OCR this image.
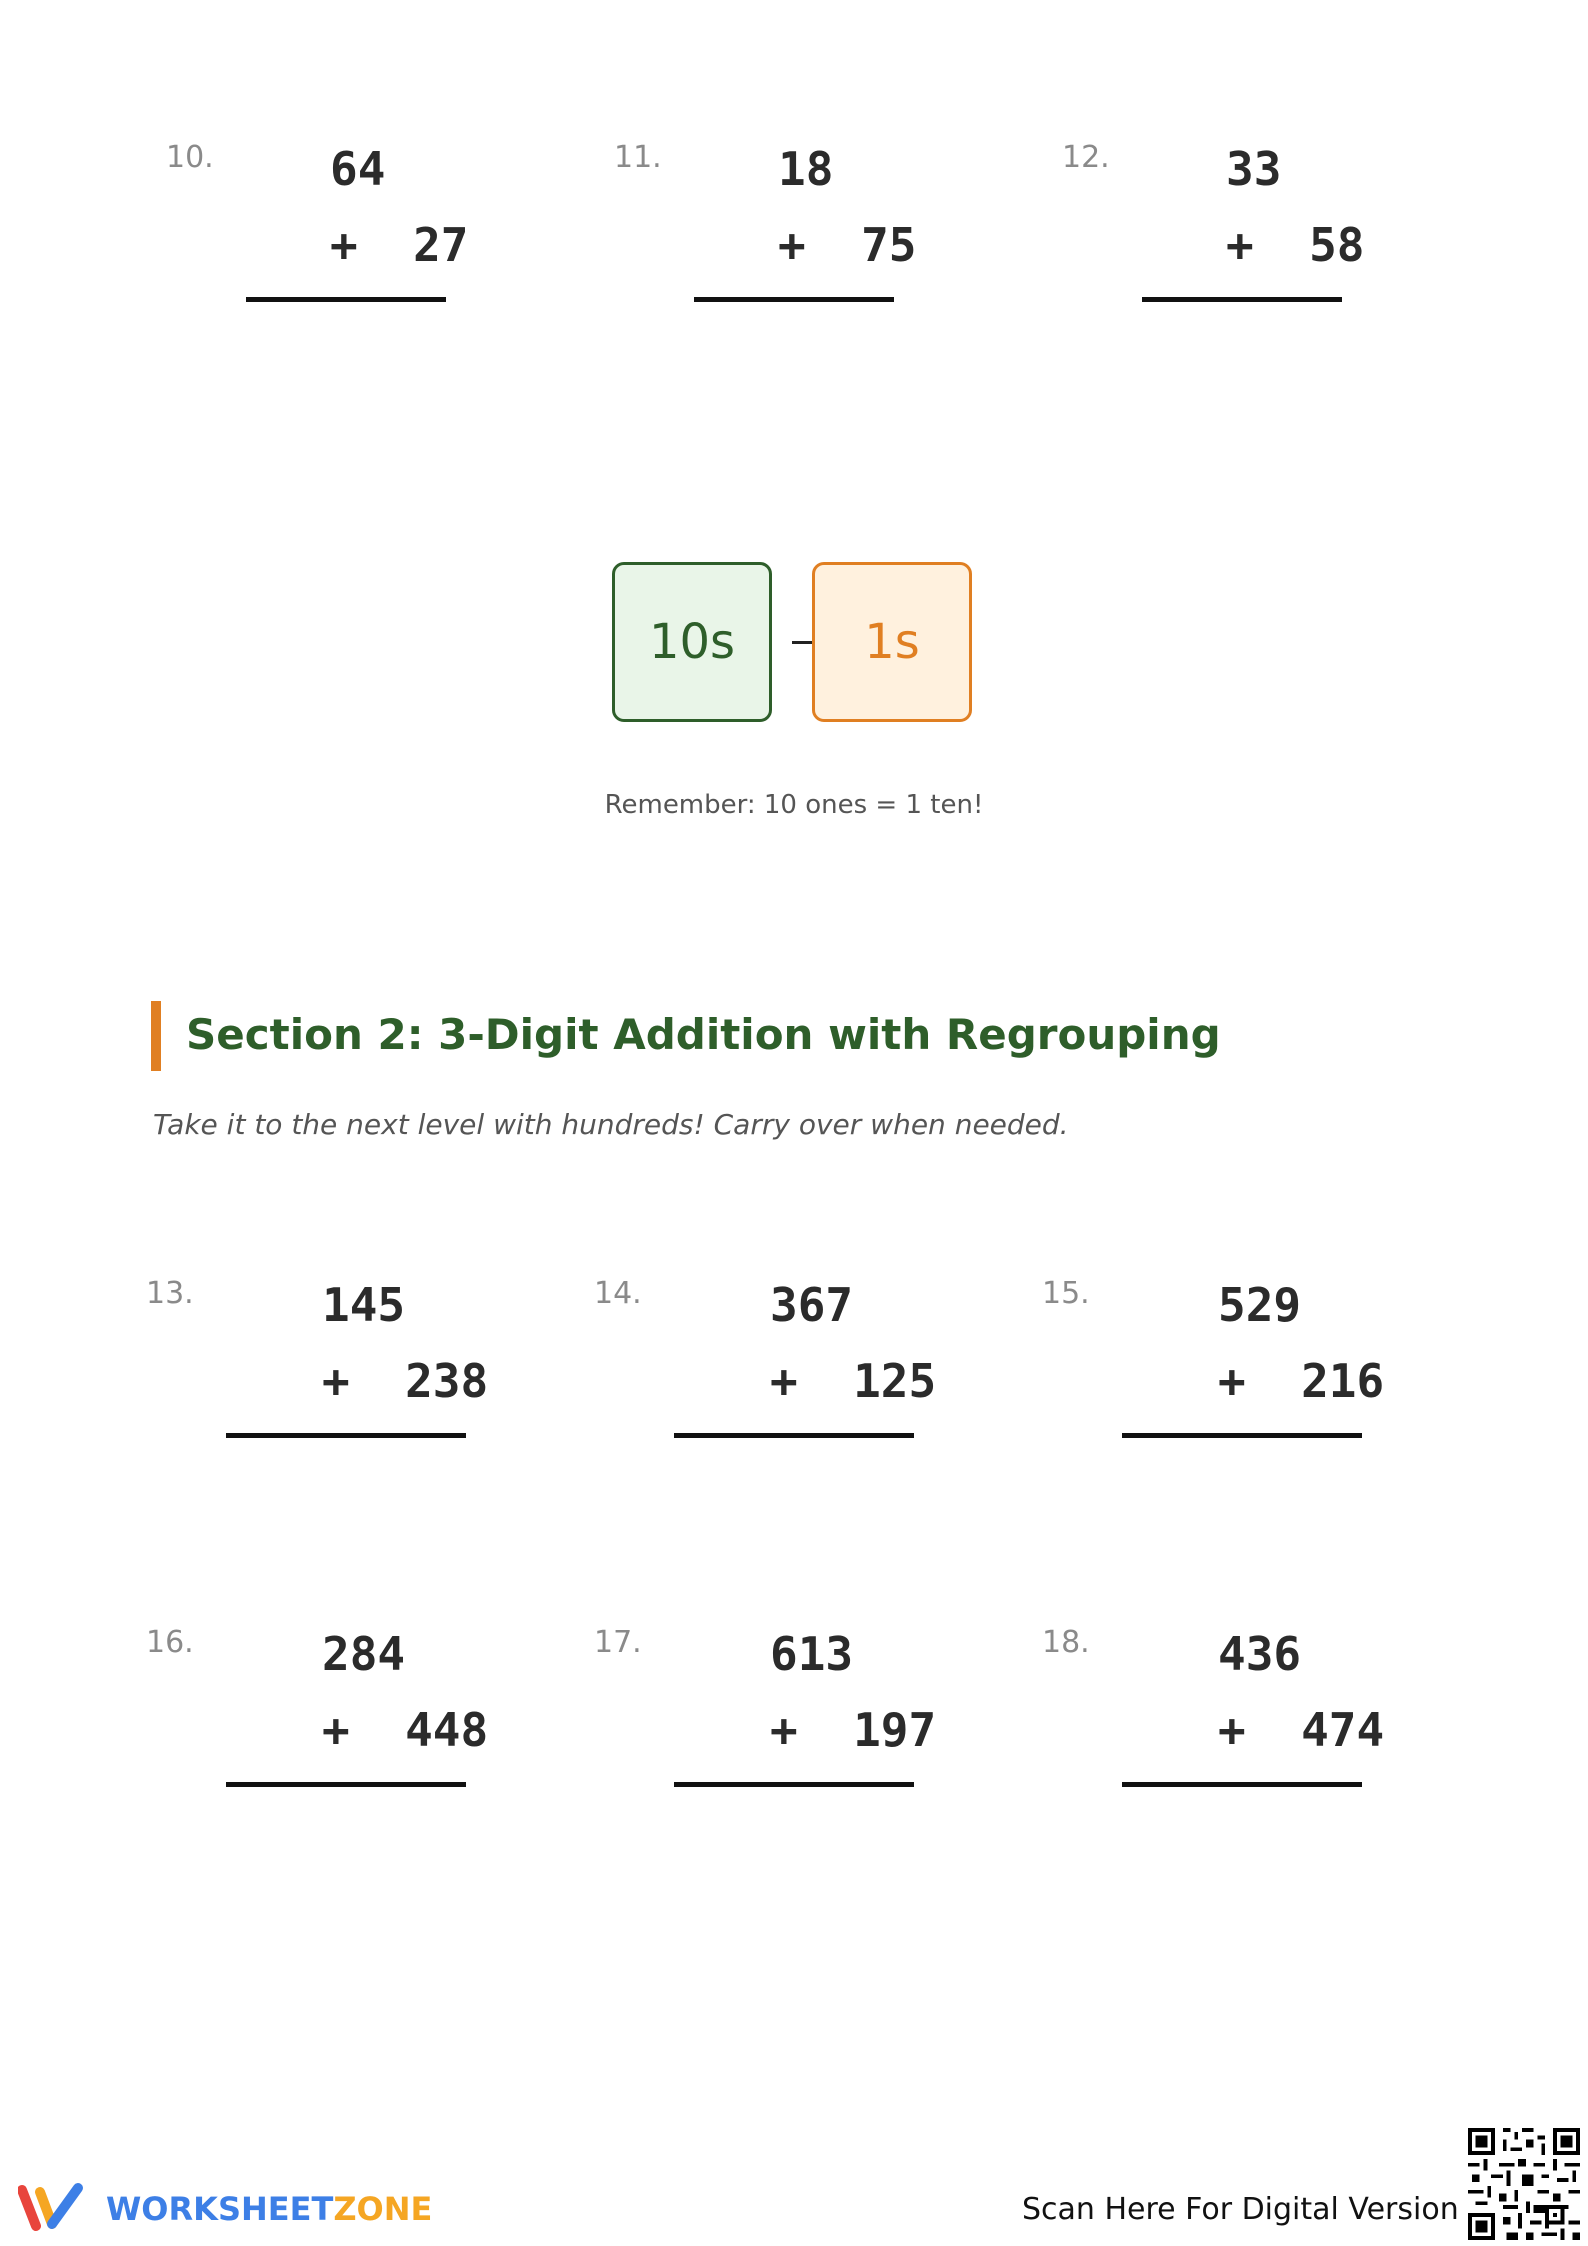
10.	64
+  27
11.	18
+  75
12.	33
+  58
10s	1s
Remember: 10 ones = 1 ten!
Section 2: 3-Digit Addition with Regrouping
Take it to the next level with hundreds! Carry over when needed.
13.	145
+  238
14.	367
+  125
15.	529
+  216
16.	284
+  448
17.	613
+  197
18.	436
+  474
WORKSHEETZONE	Scan Here For Digital Version
